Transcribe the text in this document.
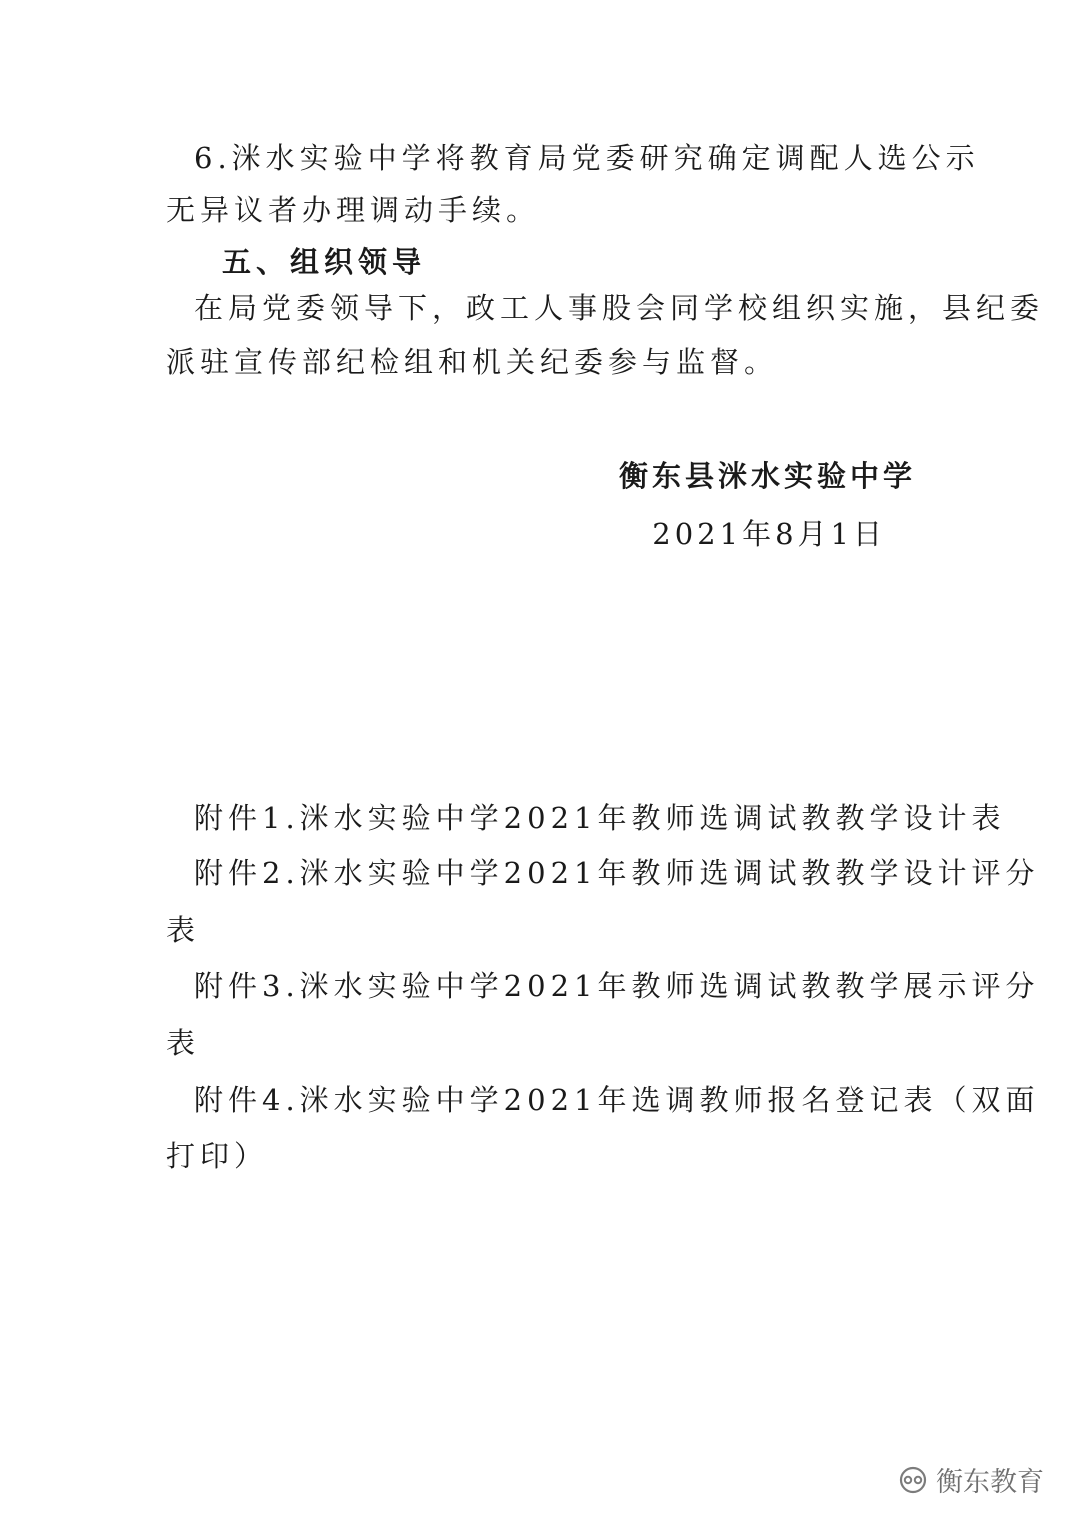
6.洣水实验中学将教育局党委研究确定调配人选公示
无异议者办理调动手续。
五、组织领导
在局党委领导下，政工人事股会同学校组织实施，县纪委
派驻宣传部纪检组和机关纪委参与监督。
衡东县洣水实验中学
2021年8月1日
附件1.洣水实验中学2021年教师选调试教教学设计表
附件2.洣水实验中学2021年教师选调试教教学设计评分
表
附件3.洣水实验中学2021年教师选调试教教学展示评分
表
附件4.洣水实验中学2021年选调教师报名登记表（双面
打印）
衡东教育
